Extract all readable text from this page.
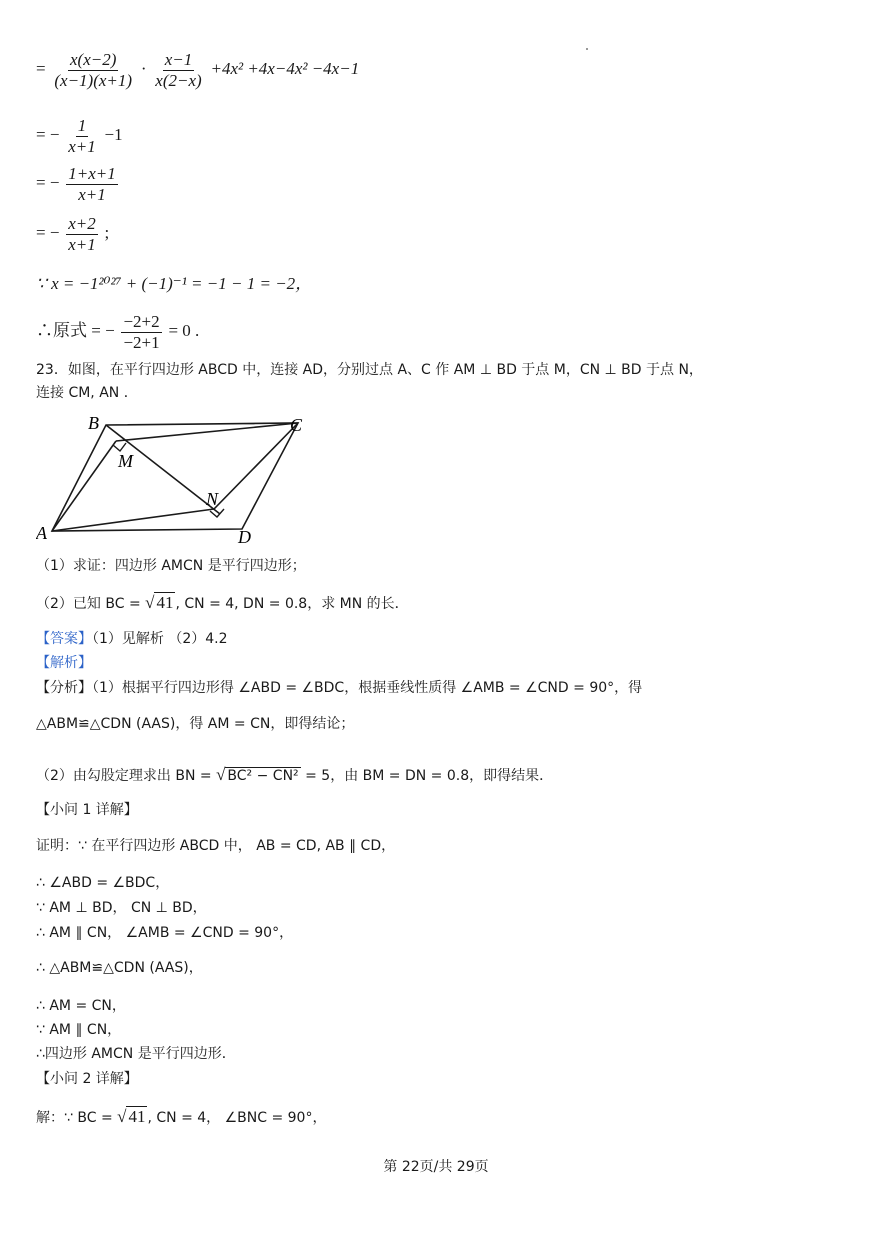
= $\frac{x(x-2)}{(x-1)(x+1)} \cdot \frac{x-1}{x(2-x)} +4x^2 +4x-4x^2 -4x-1$
= − $\frac{1}{x+1} -1$
= − $\frac{1+x+1}{x+1}$
= − $\frac{x+2}{x+1}$ ;
∵ x = −1²⁰²⁷ + (−1)⁻¹ = −1 − 1 = −2，
∴原式 = − $\frac{-2+2}{-2+1} = 0$ .
23．如图，在平行四边形 ABCD 中，连接 AD，分别过点 A、C 作 AM ⊥ BD 于点 M，CN ⊥ BD 于点 N，
连接 CM, AN ．
B	C
M
N
A	D
（1）求证：四边形 AMCN 是平行四边形；
（2）已知 BC = √ 41 , CN = 4, DN = 0.8，求 MN 的长．
【答案】（1）见解析 （2）4.2
【解析】
【分析】（1）根据平行四边形得 ∠ABD = ∠BDC，根据垂线性质得 ∠AMB = ∠CND = 90°，得
△ABM≌△CDN (AAS)，得 AM = CN，即得结论；
（2）由勾股定理求出 BN = √ BC² − CN² = 5，由 BM = DN = 0.8，即得结果．
【小问 1 详解】
证明：∵ 在平行四边形 ABCD 中， AB = CD, AB ∥ CD，
∴ ∠ABD = ∠BDC，
∵ AM ⊥ BD， CN ⊥ BD，
∴ AM ∥ CN， ∠AMB = ∠CND = 90°，
∴ △ABM≌△CDN (AAS)，
∴ AM = CN，
∵ AM ∥ CN，
∴四边形 AMCN 是平行四边形．
【小问 2 详解】
解：∵ BC = √ 41 , CN = 4， ∠BNC = 90°，
第 22页/共 29页
